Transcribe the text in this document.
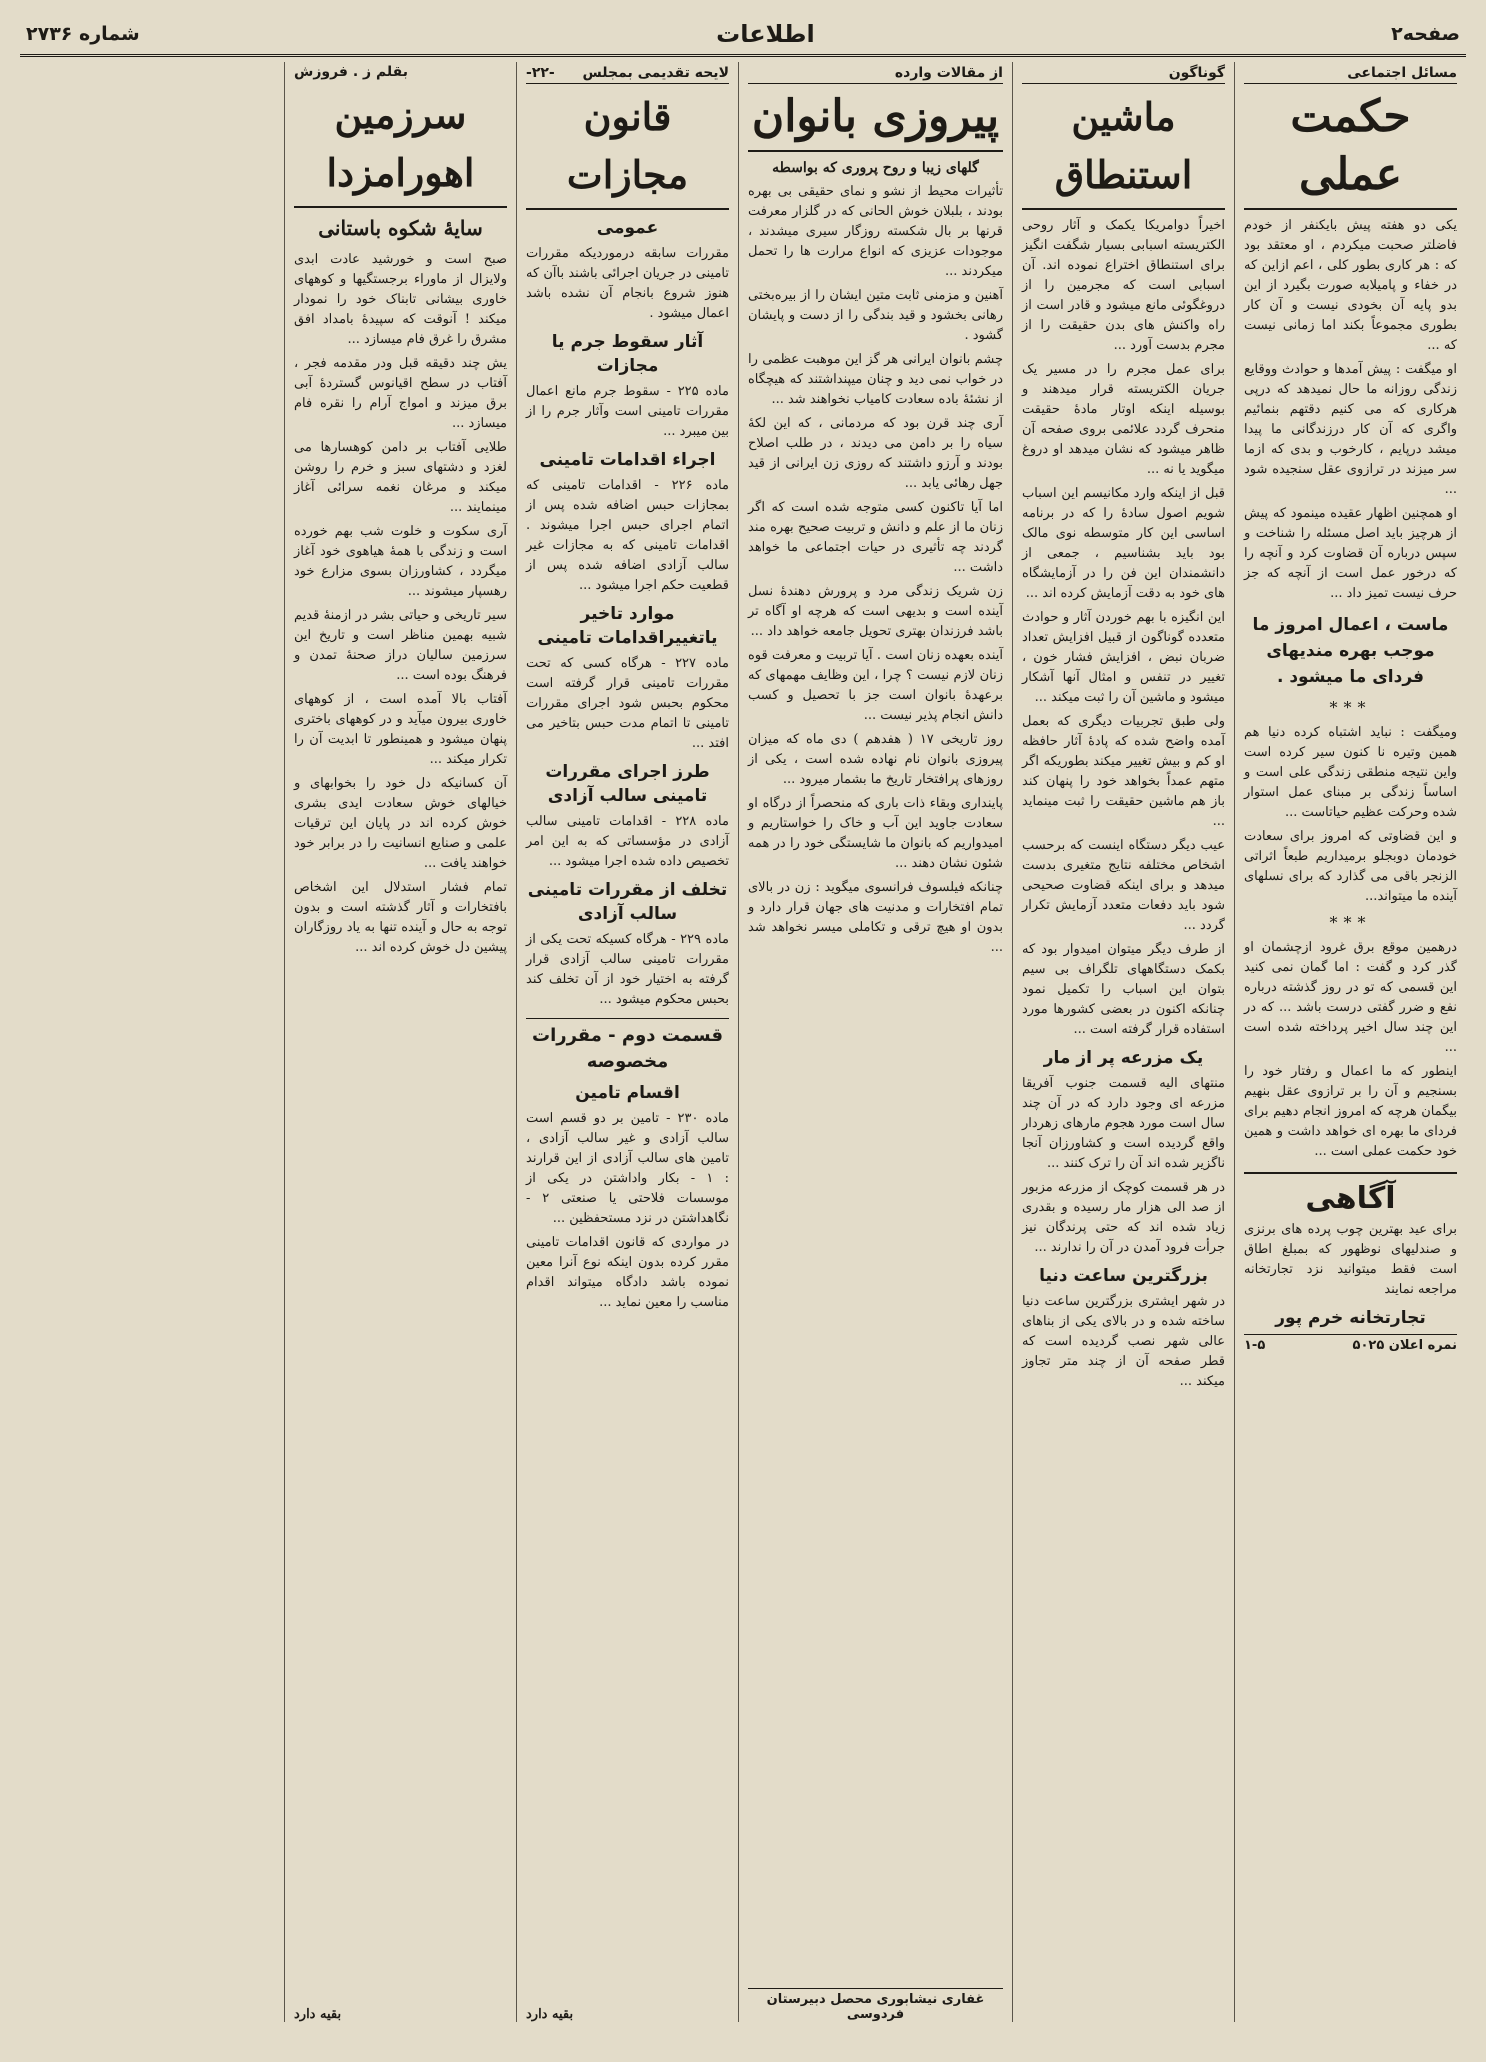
صفحه۲
اطلاعات
شماره ۲۷۳۶
مسائل اجتماعی
حکمت عملی

یکی دو هفته پیش بایکنفر از خودم فاضلتر صحبت میکردم ، او معتقد بود که : هر کاری بطور کلی ، اعم ازاین که در خفاء و پامیلابه صورت بگیرد از این بدو پایه آن بخودی نیست و آن کار بطوری مجموعاً بکند اما زمانی نیست که ...

او میگفت : پیش آمدها و حوادث ووقایع زندگی روزانه ما حال نمیدهد که درپی هرکاری که می کنیم دقتهم بنمائیم واگری که آن کار درزندگانی ما پیدا میشد درپایم ، کارخوب و بدی که ازما سر میزند در ترازوی عقل سنجیده شود ...

او همچنین اظهار عقیده مینمود که پیش از هرچیز باید اصل مسئله را شناخت و سپس درباره آن قضاوت کرد و آنچه را که درخور عمل است از آنچه که جز حرف نیست تمیز داد ...

ماست ، اعمال امروز ما موجب بهره مندیهای فردای ما میشود .
***

ومیگفت : نباید اشتباه کرده دنیا هم همین وتیره نا کنون سیر کرده است واین نتیجه منطقی زندگی علی است و اساساً زندگی بر مبنای عمل استوار شده وحرکت عظیم حیاتاست ...

و این قضاوتی که امروز برای سعادت خودمان دوبجلو برمیداریم طبعاً اثراتی الزنجر باقی می گذارد که برای نسلهای آینده ما میتواند...

***

درهمین موقع برق غرود ازچشمان او گذر کرد و گفت : اما گمان نمی کنید این قسمی که تو در روز گذشته درباره نفع و ضرر گفتی درست باشد ... که در این چند سال اخیر پرداخته شده است ...

اینطور که ما اعمال و رفتار خود را بسنجیم و آن را بر ترازوی عقل بنهیم بیگمان هرچه که امروز انجام دهیم برای فردای ما بهره ای خواهد داشت و همین خود حکمت عملی است ...

آگاهی

برای عید بهترین چوب پرده های برنزی و صندلیهای نوظهور که بمبلغ اطاق است فقط میتوانید نزد تجارتخانه مراجعه نمایند

تجارتخانه خرم پور
نمره اعلان ۵۰۲۵
۱-۵
گوناگون
ماشین استنطاق

اخیراً دوامریکا یکمک و آثار روحی الکتریسته اسبابی بسیار شگفت انگیز برای استنطاق اختراع نموده اند. آن اسبابی است که مجرمین را از دروغگوئی مانع میشود و قادر است از راه واکنش های بدن حقیقت را از مجرم بدست آورد ...

برای عمل مجرم را در مسیر یک جریان الکتریسته قرار میدهند و بوسیله اینکه اوتار مادهٔ حقیقت منحرف گردد علائمی بروی صفحه آن ظاهر میشود که نشان میدهد او دروغ میگوید یا نه ...

قبل از اینکه وارد مکانیسم این اسباب شویم اصول سادهٔ را که در برنامه اساسی این کار متوسطه نوی مالک بود باید بشناسیم ، جمعی از دانشمندان این فن را در آزمایشگاه های خود به دقت آزمایش کرده اند ...

این انگیزه با بهم خوردن آثار و حوادث متعدده گوناگون از قبیل افزایش تعداد ضربان نبض ، افزایش فشار خون ، تغییر در تنفس و امثال آنها آشکار میشود و ماشین آن را ثبت میکند ...

ولی طبق تجربیات دیگری که بعمل آمده واضح شده که پادهٔ آثار حافظه او کم و بیش تغییر میکند بطوریکه اگر متهم عمداً بخواهد خود را پنهان کند باز هم ماشین حقیقت را ثبت مینماید ...

عیب دیگر دستگاه اینست که برحسب اشخاص مختلفه نتایج متغیری بدست میدهد و برای اینکه قضاوت صحیحی شود باید دفعات متعدد آزمایش تکرار گردد ...

از طرف دیگر میتوان امیدوار بود که بکمک دستگاههای تلگراف بی سیم بتوان این اسباب را تکمیل نمود چنانکه اکنون در بعضی کشورها مورد استفاده قرار گرفته است ...

یک مزرعه پر از مار

منتهای الیه قسمت جنوب آفریقا مزرعه ای وجود دارد که در آن چند سال است مورد هجوم مارهای زهردار واقع گردیده است و کشاورزان آنجا ناگزیر شده اند آن را ترک کنند ...

در هر قسمت کوچک از مزرعه مزبور از صد الی هزار مار رسیده و بقدری زیاد شده اند که حتی پرندگان نیز جرأت فرود آمدن در آن را ندارند ...

بزرگترین ساعت دنیا

در شهر ایشتری بزرگترین ساعت دنیا ساخته شده و در بالای یکی از بناهای عالی شهر نصب گردیده است که قطر صفحه آن از چند متر تجاوز میکند ...

از مقالات وارده
پیروزی بانوان
گلهای زیبا و روح پروری که بواسطه

تأثیرات محیط از نشو و نمای حقیقی بی بهره بودند ، بلبلان خوش الحانی که در گلزار معرفت قرنها بر بال شکسته روزگار سیری میشدند ، موجودات عزیزی که انواع مرارت ها را تحمل میکردند ...

آهنین و مزمنی ثابت متین ایشان را از بیره‌بختی رهانی بخشود و قید بندگی را از دست و پایشان گشود .

چشم بانوان ایرانی هر گز این موهبت عظمی را در خواب نمی دید و چنان میپنداشتند که هیچگاه از نشئهٔ باده سعادت کامیاب نخواهند شد ...

آری چند قرن بود که مردمانی ، که این لکهٔ سیاه را بر دامن می دیدند ، در طلب اصلاح بودند و آرزو داشتند که روزی زن ایرانی از قید جهل رهائی یابد ...

اما آیا تاکنون کسی متوجه شده است که اگر زنان ما از علم و دانش و تربیت صحیح بهره مند گردند چه تأثیری در حیات اجتماعی ما خواهد داشت ...

زن شریک زندگی مرد و پرورش دهندهٔ نسل آینده است و بدیهی است که هرچه او آگاه تر باشد فرزندان بهتری تحویل جامعه خواهد داد ...

آینده بعهده زنان است . آیا تربیت و معرفت قوه زنان لازم نیست ؟ چرا ، این وظایف مهمهای که برعهدهٔ بانوان است جز با تحصیل و کسب دانش انجام پذیر نیست ...

روز تاریخی ۱۷ ( هفدهم ) دی ماه که میزان پیروزی بانوان نام نهاده شده است ، یکی از روزهای پرافتخار تاریخ ما بشمار میرود ...

پاینداری وبقاء ذات باری که منحصراً از درگاه او سعادت جاوید این آب و خاک را خواستاریم و امیدواریم که بانوان ما شایستگی خود را در همه شئون نشان دهند ...

چنانکه فیلسوف فرانسوی میگوید : زن در بالای تمام افتخارات و مدنیت های جهان قرار دارد و بدون او هیچ ترقی و تکاملی میسر نخواهد شد ...

غفاری نیشابوری محصل دبیرستان فردوسی
لایحه تقدیمی بمجلس
-۲۲-
قانون مجازات
عمومی

مقررات سابقه درموردیکه مقررات تامینی در جریان اجرائی باشند باآن که هنوز شروع بانجام آن نشده باشد اعمال میشود .

آثار سقوط جرم یا مجازات

ماده ۲۲۵ - سقوط جرم مانع اعمال مقررات تامینی است وآثار جرم را از بین میبرد ...

اجراء اقدامات تامینی

ماده ۲۲۶ - اقدامات تامینی که بمجازات حبس اضافه شده پس از اتمام اجرای حبس اجرا میشوند . اقدامات تامینی که به مجازات غیر سالب آزادی اضافه شده پس از قطعیت حکم اجرا میشود ...

موارد تاخیر یاتغییراقدامات تامینی

ماده ۲۲۷ - هرگاه کسی که تحت مقررات تامینی قرار گرفته است محکوم بحبس شود اجرای مقررات تامینی تا اتمام مدت حبس بتاخیر می افتد ...

طرز اجرای مقررات تامینی سالب آزادی

ماده ۲۲۸ - اقدامات تامینی سالب آزادی در مؤسساتی که به این امر تخصیص داده شده اجرا میشود ...

تخلف از مقررات تامینی سالب آزادی

ماده ۲۲۹ - هرگاه کسیکه تحت یکی از مقررات تامینی سالب آزادی قرار گرفته به اختیار خود از آن تخلف کند بحبس محکوم میشود ...

قسمت دوم - مقررات مخصوصه
اقسام تامین

ماده ۲۳۰ - تامین بر دو قسم است سالب آزادی و غیر سالب آزادی ، تامین های سالب آزادی از این قرارند : ۱ - بکار واداشتن در یکی از موسسات فلاحتی یا صنعتی ۲ - نگاهداشتن در نزد مستحفظین ...

در مواردی که قانون اقدامات تامینی مقرر کرده بدون اینکه نوع آنرا معین نموده باشد دادگاه میتواند اقدام مناسب را معین نماید ...

بقیه دارد
بقلم ز . فروزش
سرزمین اهورامزدا
سایهٔ شکوه باستانی

صبح است و خورشید عادت ابدی ولایزال از ماوراء برجستگیها و کوههای خاوری بیشانی تابناک خود را نمودار میکند ! آنوقت که سپیدهٔ بامداد افق مشرق را غرق فام میسازد ...

یش چند دقیقه قبل ودر مقدمه فجر ، آفتاب در سطح اقیانوس گستردهٔ آبی برق میزند و امواج آرام را نقره فام میسازد ...

طلایی آفتاب بر دامن کوهسارها می لغزد و دشتهای سبز و خرم را روشن میکند و مرغان نغمه سرائی آغاز مینمایند ...

آری سکوت و خلوت شب بهم خورده است و زندگی با همهٔ هیاهوی خود آغاز میگردد ، کشاورزان بسوی مزارع خود رهسپار میشوند ...

سیر تاریخی و حیاتی بشر در ازمنهٔ قدیم شبیه بهمین مناظر است و تاریخ این سرزمین سالیان دراز صحنهٔ تمدن و فرهنگ بوده است ...

آفتاب بالا آمده است ، از کوههای خاوری بیرون میآید و در کوههای باختری پنهان میشود و همینطور تا ابدیت آن را تکرار میکند ...

آن کسانیکه دل خود را بخوابهای و خیالهای خوش سعادت ایدی بشری خوش کرده اند در پایان این ترقیات علمی و صنایع انسانیت را در برابر خود خواهند یافت ...

تمام فشار استدلال این اشخاص بافتخارات و آثار گذشته است و بدون توجه به حال و آینده تنها به یاد روزگاران پیشین دل خوش کرده اند ...

بقیه دارد
